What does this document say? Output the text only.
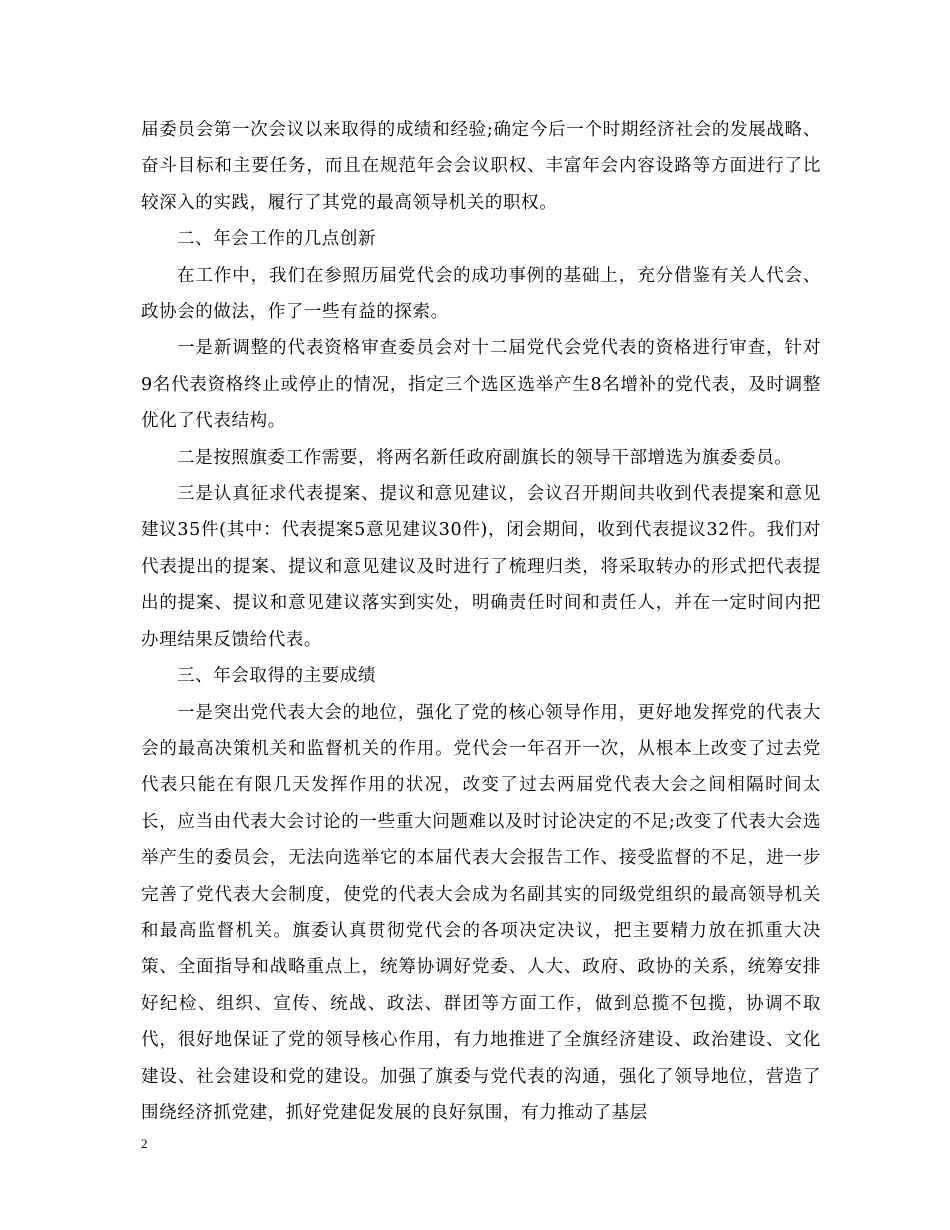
届委员会第一次会议以来取得的成绩和经验;确定今后一个时期经济社会的发展战略、奋斗目标和主要任务，而且在规范年会会议职权、丰富年会内容设路等方面进行了比较深入的实践，履行了其党的最高领导机关的职权。

二、年会工作的几点创新

在工作中，我们在参照历届党代会的成功事例的基础上，充分借鉴有关人代会、政协会的做法，作了一些有益的探索。

一是新调整的代表资格审查委员会对十二届党代会党代表的资格进行审查，针对9名代表资格终止或停止的情况，指定三个选区选举产生8名增补的党代表，及时调整优化了代表结构。

二是按照旗委工作需要，将两名新任政府副旗长的领导干部增选为旗委委员。

三是认真征求代表提案、提议和意见建议，会议召开期间共收到代表提案和意见建议35件(其中：代表提案5意见建议30件)，闭会期间，收到代表提议32件。我们对代表提出的提案、提议和意见建议及时进行了梳理归类，将采取转办的形式把代表提出的提案、提议和意见建议落实到实处，明确责任时间和责任人，并在一定时间内把办理结果反馈给代表。

三、年会取得的主要成绩

一是突出党代表大会的地位，强化了党的核心领导作用，更好地发挥党的代表大会的最高决策机关和监督机关的作用。党代会一年召开一次，从根本上改变了过去党代表只能在有限几天发挥作用的状况，改变了过去两届党代表大会之间相隔时间太长，应当由代表大会讨论的一些重大问题难以及时讨论决定的不足;改变了代表大会选举产生的委员会，无法向选举它的本届代表大会报告工作、接受监督的不足，进一步完善了党代表大会制度，使党的代表大会成为名副其实的同级党组织的最高领导机关和最高监督机关。旗委认真贯彻党代会的各项决定决议，把主要精力放在抓重大决策、全面指导和战略重点上，统筹协调好党委、人大、政府、政协的关系，统筹安排好纪检、组织、宣传、统战、政法、群团等方面工作，做到总揽不包揽，协调不取代，很好地保证了党的领导核心作用，有力地推进了全旗经济建设、政治建设、文化建设、社会建设和党的建设。加强了旗委与党代表的沟通，强化了领导地位，营造了围绕经济抓党建，抓好党建促发展的良好氛围，有力推动了基层

2
